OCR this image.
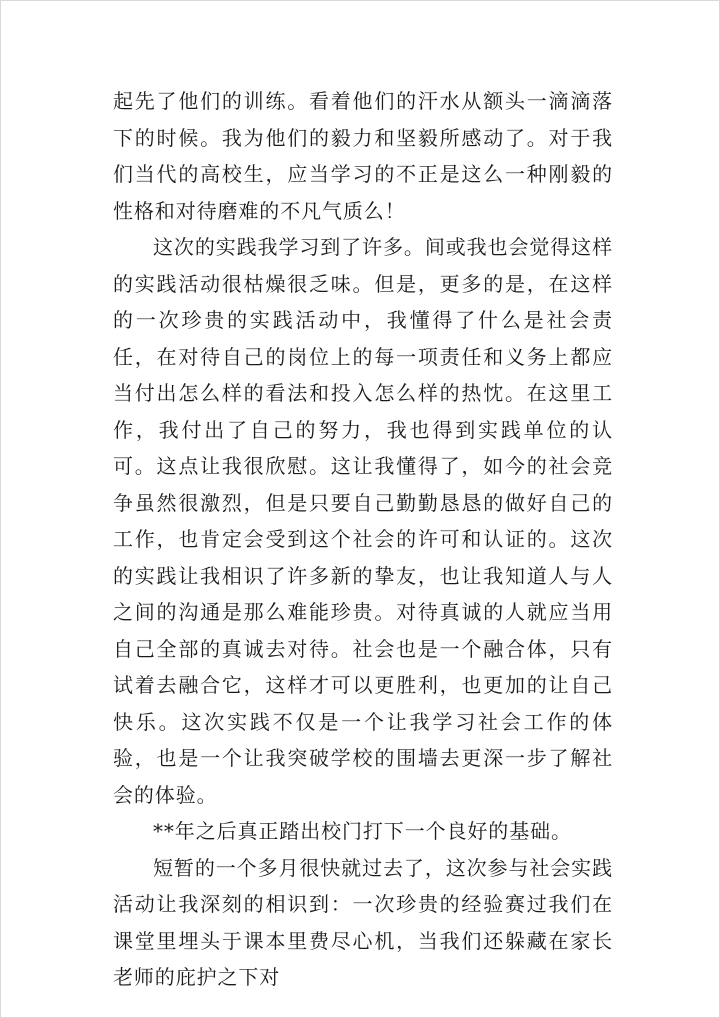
起先了他们的训练。看着他们的汗水从额头一滴滴落下的时候。我为他们的毅力和坚毅所感动了。对于我们当代的高校生，应当学习的不正是这么一种刚毅的性格和对待磨难的不凡气质么！

这次的实践我学习到了许多。间或我也会觉得这样的实践活动很枯燥很乏味。但是，更多的是，在这样的一次珍贵的实践活动中，我懂得了什么是社会责任，在对待自己的岗位上的每一项责任和义务上都应当付出怎么样的看法和投入怎么样的热忱。在这里工作，我付出了自己的努力，我也得到实践单位的认可。这点让我很欣慰。这让我懂得了，如今的社会竞争虽然很激烈，但是只要自己勤勤恳恳的做好自己的工作，也肯定会受到这个社会的许可和认证的。这次的实践让我相识了许多新的挚友，也让我知道人与人之间的沟通是那么难能珍贵。对待真诚的人就应当用自己全部的真诚去对待。社会也是一个融合体，只有试着去融合它，这样才可以更胜利，也更加的让自己快乐。这次实践不仅是一个让我学习社会工作的体验，也是一个让我突破学校的围墙去更深一步了解社会的体验。

**年之后真正踏出校门打下一个良好的基础。

短暂的一个多月很快就过去了，这次参与社会实践活动让我深刻的相识到：一次珍贵的经验赛过我们在课堂里埋头于课本里费尽心机，当我们还躲藏在家长老师的庇护之下对
